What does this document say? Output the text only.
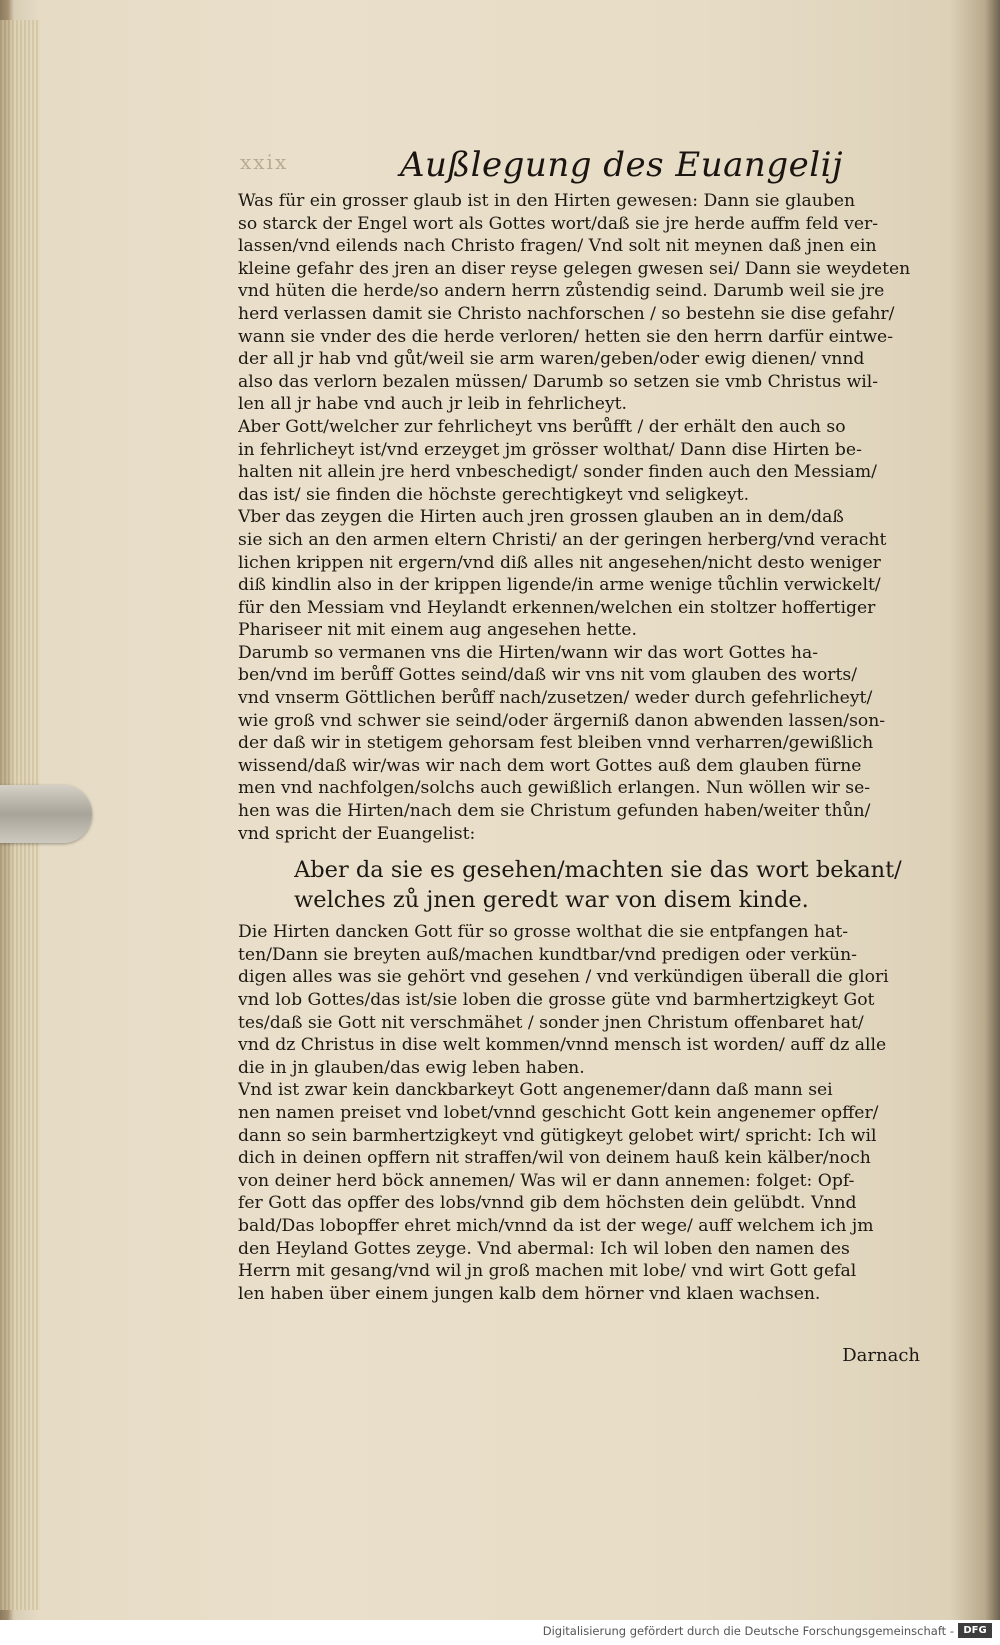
xxix	Außlegung des Euangelij
Was für ein grosser glaub ist in den Hirten gewesen: Dann sie glauben
so starck der Engel wort als Gottes wort/daß sie jre herde auffm feld ver-
lassen/vnd eilends nach Christo fragen/ Vnd solt nit meynen daß jnen ein
kleine gefahr des jren an diser reyse gelegen gwesen sei/ Dann sie weydeten
vnd hüten die herde/so andern herrn zůstendig seind. Darumb weil sie jre
herd verlassen damit sie Christo nachforschen / so bestehn sie dise gefahr/
wann sie vnder des die herde verloren/ hetten sie den herrn darfür eintwe-
der all jr hab vnd gůt/weil sie arm waren/geben/oder ewig dienen/ vnnd
also das verlorn bezalen müssen/ Darumb so setzen sie vmb Christus wil-
len all jr habe vnd auch jr leib in fehrlicheyt.
Aber Gott/welcher zur fehrlicheyt vns berůfft / der erhält den auch so
in fehrlicheyt ist/vnd erzeyget jm grösser wolthat/ Dann dise Hirten be-
halten nit allein jre herd vnbeschedigt/ sonder finden auch den Messiam/
das ist/ sie finden die höchste gerechtigkeyt vnd seligkeyt.
Vber das zeygen die Hirten auch jren grossen glauben an in dem/daß
sie sich an den armen eltern Christi/ an der geringen herberg/vnd veracht
lichen krippen nit ergern/vnd diß alles nit angesehen/nicht desto weniger
diß kindlin also in der krippen ligende/in arme wenige tůchlin verwickelt/
für den Messiam vnd Heylandt erkennen/welchen ein stoltzer hoffertiger
Phariseer nit mit einem aug angesehen hette.
Darumb so vermanen vns die Hirten/wann wir das wort Gottes ha-
ben/vnd im berůff Gottes seind/daß wir vns nit vom glauben des worts/
vnd vnserm Göttlichen berůff nach/zusetzen/ weder durch gefehrlicheyt/
wie groß vnd schwer sie seind/oder ärgerniß danon abwenden lassen/son-
der daß wir in stetigem gehorsam fest bleiben vnnd verharren/gewißlich
wissend/daß wir/was wir nach dem wort Gottes auß dem glauben fürne
men vnd nachfolgen/solchs auch gewißlich erlangen. Nun wöllen wir se-
hen was die Hirten/nach dem sie Christum gefunden haben/weiter thůn/
vnd spricht der Euangelist:
Aber da sie es gesehen/machten sie das wort bekant/
welches zů jnen geredt war von disem kinde.
Die Hirten dancken Gott für so grosse wolthat die sie entpfangen hat-
ten/Dann sie breyten auß/machen kundtbar/vnd predigen oder verkün-
digen alles was sie gehört vnd gesehen / vnd verkündigen überall die glori
vnd lob Gottes/das ist/sie loben die grosse güte vnd barmhertzigkeyt Got
tes/daß sie Gott nit verschmähet / sonder jnen Christum offenbaret hat/
vnd dz Christus in dise welt kommen/vnnd mensch ist worden/ auff dz alle
die in jn glauben/das ewig leben haben.
Vnd ist zwar kein danckbarkeyt Gott angenemer/dann daß mann sei
nen namen preiset vnd lobet/vnnd geschicht Gott kein angenemer opffer/
dann so sein barmhertzigkeyt vnd gütigkeyt gelobet wirt/ spricht: Ich wil
dich in deinen opffern nit straffen/wil von deinem hauß kein kälber/noch
von deiner herd böck annemen/ Was wil er dann annemen: folget: Opf-
fer Gott das opffer des lobs/vnnd gib dem höchsten dein gelübdt. Vnnd
bald/Das lobopffer ehret mich/vnnd da ist der wege/ auff welchem ich jm
den Heyland Gottes zeyge. Vnd abermal: Ich wil loben den namen des
Herrn mit gesang/vnd wil jn groß machen mit lobe/ vnd wirt Gott gefal
len haben über einem jungen kalb dem hörner vnd klaen wachsen.
Darnach
Digitalisierung gefördert durch die Deutsche Forschungsgemeinschaft - DFG
